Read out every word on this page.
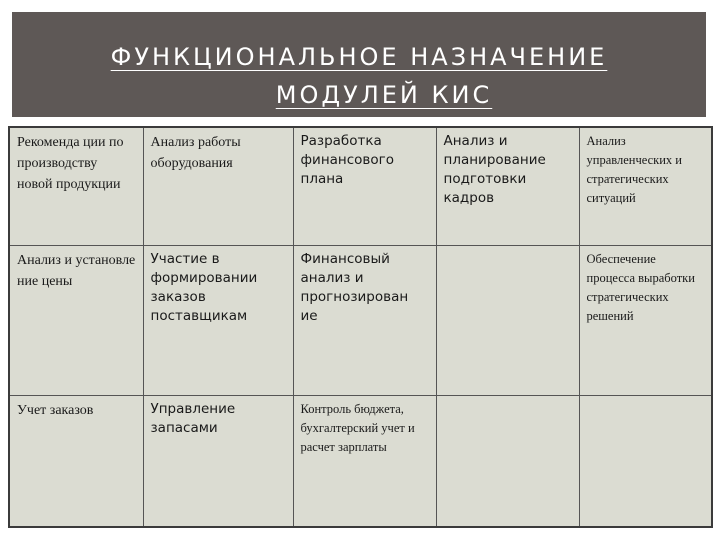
ФУНКЦИОНАЛЬНОЕ НАЗНАЧЕНИЕ
МОДУЛЕЙ КИС
Рекоменда ции по производству новой продукции	Анализ работы оборудования	Разработка финансового плана	Анализ и планирование подготовки кадров	Анализ управленческих и стратегических ситуаций
Анализ и установле ние цены	Участие в формировании заказов поставщикам	Финансовый анализ и прогнозирован ие		Обеспечение процесса выработки стратегических решений
Учет заказов	Управление запасами	Контроль бюджета, бухгалтерский учет и расчет зарплаты		
